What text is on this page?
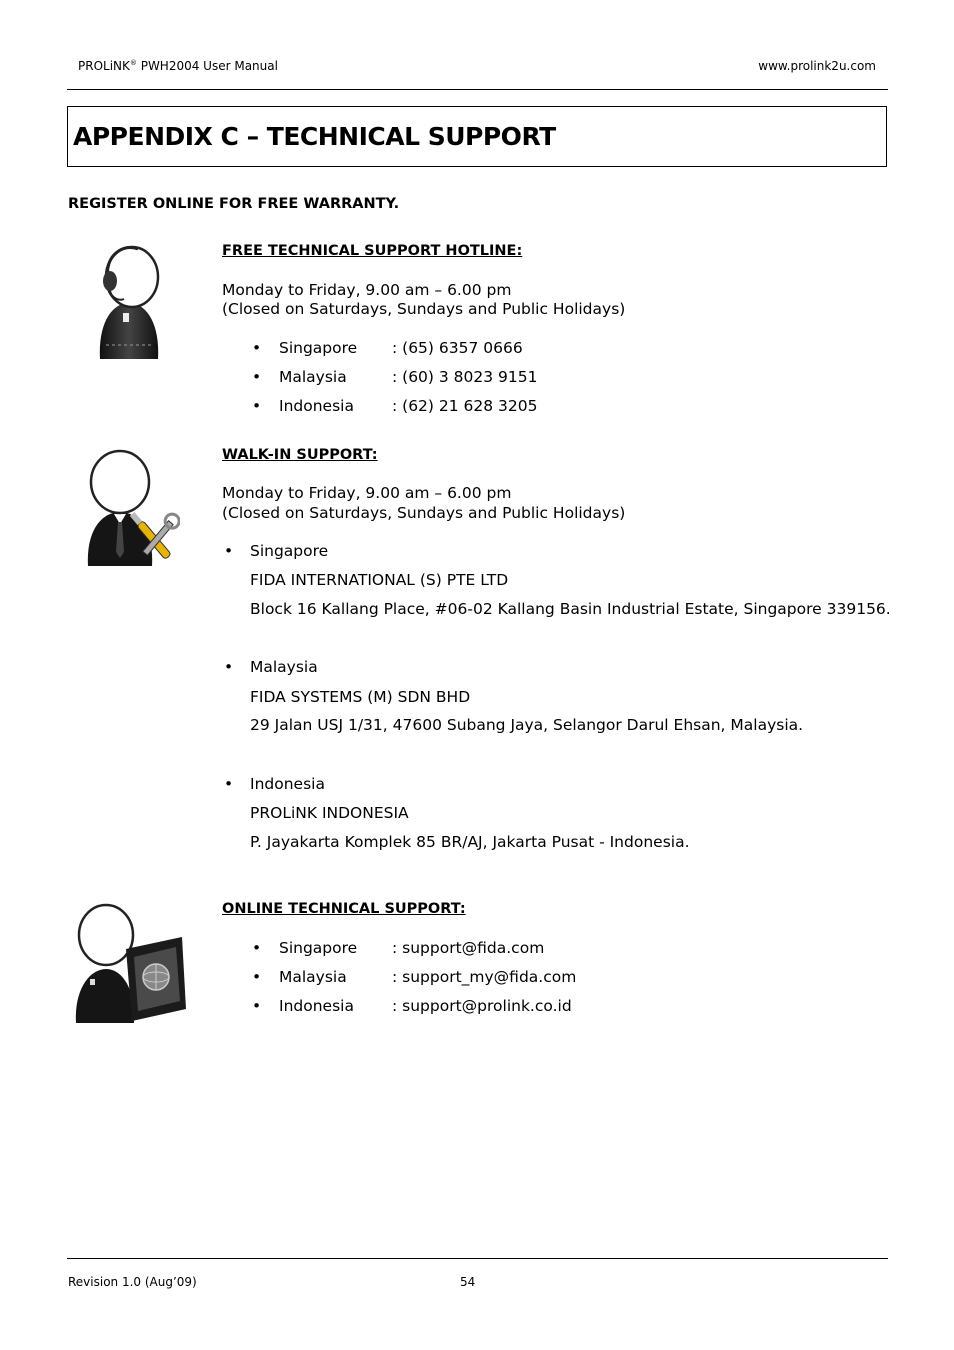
PROLiNK® PWH2004 User Manual	www.prolink2u.com
APPENDIX C – TECHNICAL SUPPORT
REGISTER ONLINE FOR FREE WARRANTY.
FREE TECHNICAL SUPPORT HOTLINE:
Monday to Friday, 9.00 am – 6.00 pm
(Closed on Saturdays, Sundays and Public Holidays)
• Singapore : (65) 6357 0666
• Malaysia	: (60) 3 8023 9151
• Indonesia : (62) 21 628 3205
WALK-IN SUPPORT:
Monday to Friday, 9.00 am – 6.00 pm
(Closed on Saturdays, Sundays and Public Holidays)
• Singapore
FIDA INTERNATIONAL (S) PTE LTD
Block 16 Kallang Place, #06-02 Kallang Basin Industrial Estate, Singapore 339156.
• Malaysia
FIDA SYSTEMS (M) SDN BHD
29 Jalan USJ 1/31, 47600 Subang Jaya, Selangor Darul Ehsan, Malaysia.
• Indonesia
PROLiNK INDONESIA
P. Jayakarta Komplek 85 BR/AJ, Jakarta Pusat - Indonesia.
ONLINE TECHNICAL SUPPORT:
• Singapore : support@fida.com
• Malaysia	: support_my@fida.com
• Indonesia : support@prolink.co.id
Revision 1.0 (Aug’09)	54
